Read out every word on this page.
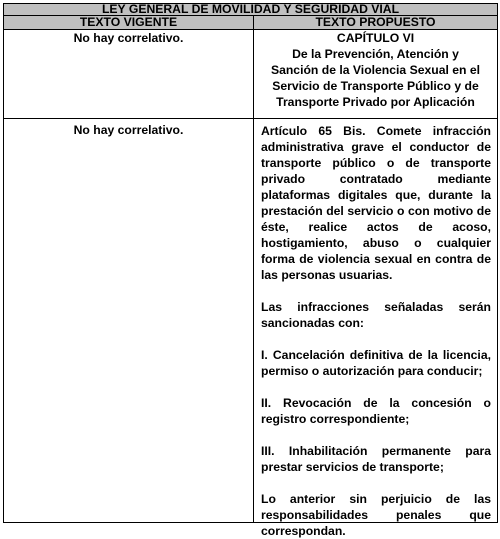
LEY GENERAL DE MOVILIDAD Y SEGURIDAD VIAL
TEXTO VIGENTE	TEXTO PROPUESTO
No hay correlativo.	CAPÍTULO VI
De la Prevención, Atención y
Sanción de la Violencia Sexual en el
Servicio de Transporte Público y de
Transporte Privado por Aplicación
No hay correlativo.	Artículo 65 Bis. Comete infracción administrativa grave el conductor de transporte público o de transporte privado contratado mediante plataformas digitales que, durante la prestación del servicio o con motivo de éste, realice actos de acoso, hostigamiento, abuso o cualquier forma de violencia sexual en contra de las personas usuarias.

Las infracciones señaladas serán sancionadas con:

I. Cancelación definitiva de la licencia, permiso o autorización para conducir;

II. Revocación de la concesión o registro correspondiente;

III. Inhabilitación permanente para prestar servicios de transporte;

Lo anterior sin perjuicio de las responsabilidades penales que correspondan.
